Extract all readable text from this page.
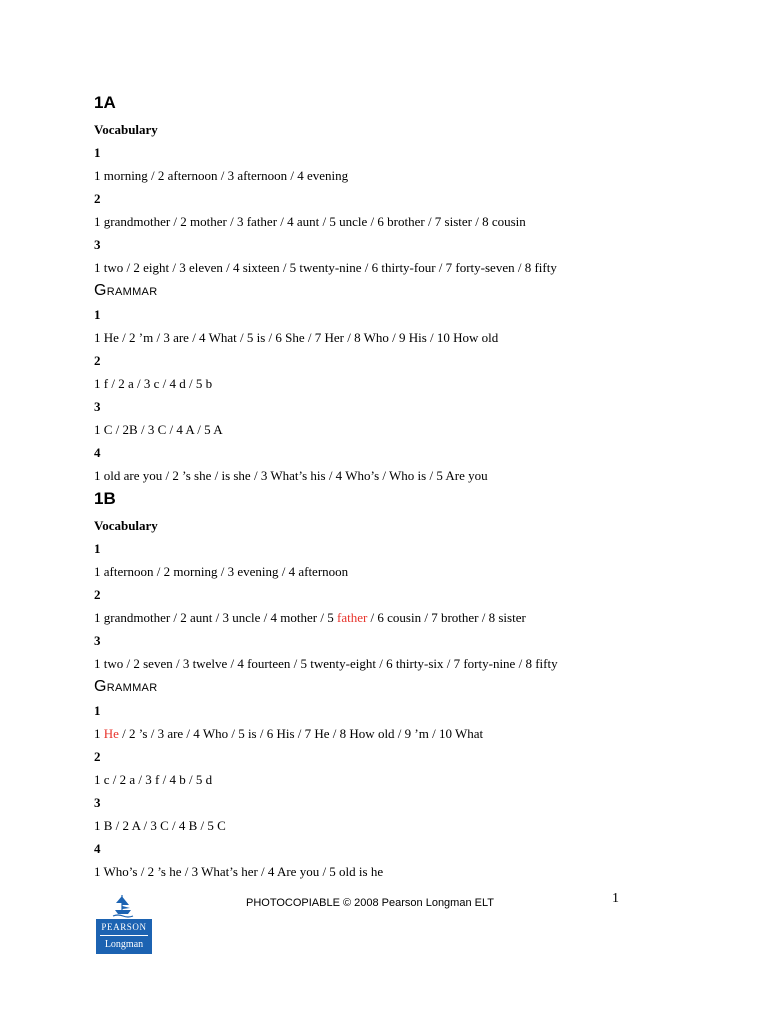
1A

Vocabulary

1

1 morning / 2 afternoon / 3 afternoon / 4 evening

2

1 grandmother / 2 mother / 3 father / 4 aunt / 5 uncle / 6 brother / 7 sister / 8 cousin

3

1 two / 2 eight / 3 eleven / 4 sixteen / 5 twenty-nine / 6 thirty-four / 7 forty-seven / 8 fifty

Grammar

1

1 He / 2 ’m / 3 are / 4 What / 5 is / 6 She / 7 Her / 8 Who / 9 His / 10 How old

2

1 f / 2 a / 3 c / 4 d / 5 b

3

1 C / 2B / 3 C / 4 A / 5 A

4

1 old are you / 2 ’s she / is she / 3 What’s his / 4 Who’s / Who is / 5 Are you

1B

Vocabulary

1

1 afternoon / 2 morning / 3 evening / 4 afternoon

2

1 grandmother / 2 aunt / 3 uncle / 4 mother / 5 father / 6 cousin / 7 brother / 8 sister

3

1 two / 2 seven / 3 twelve / 4 fourteen / 5 twenty-eight / 6 thirty-six / 7 forty-nine / 8 fifty

Grammar

1

1 He / 2 ’s / 3 are / 4 Who / 5 is / 6 His / 7 He / 8 How old / 9 ’m / 10 What

2

1 c / 2 a / 3 f / 4 b / 5 d

3

1 B / 2 A / 3 C / 4 B / 5 C

4

1 Who’s / 2 ’s he / 3 What’s her / 4 Are you / 5 old is he

PEARSON
Longman
PHOTOCOPIABLE © 2008 Pearson Longman ELT	1
